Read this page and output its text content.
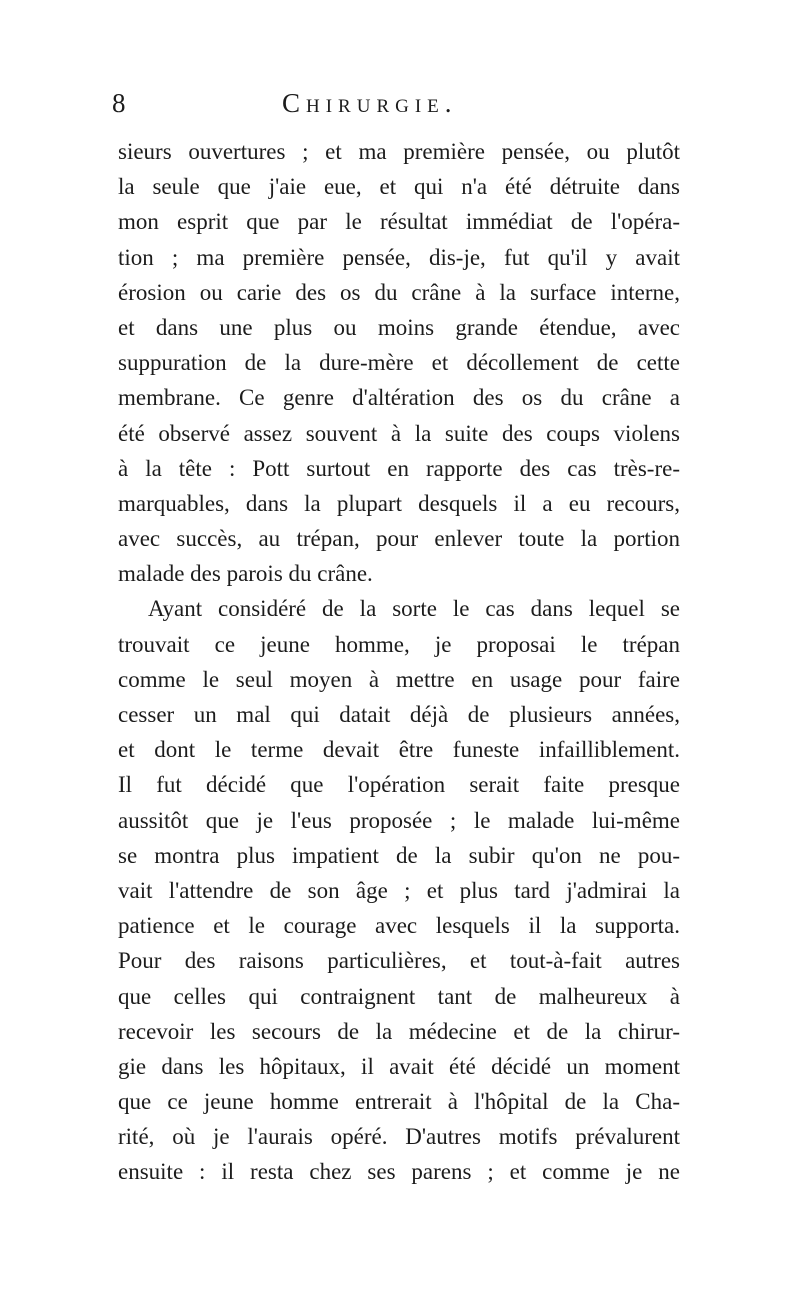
8	Chirurgie.
sieurs ouvertures ; et ma première pensée, ou plutôt
la seule que j'aie eue, et qui n'a été détruite dans
mon esprit que par le résultat immédiat de l'opéra-
tion ; ma première pensée, dis-je, fut qu'il y avait
érosion ou carie des os du crâne à la surface interne,
et dans une plus ou moins grande étendue, avec
suppuration de la dure-mère et décollement de cette
membrane. Ce genre d'altération des os du crâne a
été observé assez souvent à la suite des coups violens
à la tête : Pott surtout en rapporte des cas très-re-
marquables, dans la plupart desquels il a eu recours,
avec succès, au trépan, pour enlever toute la portion
malade des parois du crâne.
Ayant considéré de la sorte le cas dans lequel se
trouvait ce jeune homme, je proposai le trépan
comme le seul moyen à mettre en usage pour faire
cesser un mal qui datait déjà de plusieurs années,
et dont le terme devait être funeste infailliblement.
Il fut décidé que l'opération serait faite presque
aussitôt que je l'eus proposée ; le malade lui-même
se montra plus impatient de la subir qu'on ne pou-
vait l'attendre de son âge ; et plus tard j'admirai la
patience et le courage avec lesquels il la supporta.
Pour des raisons particulières, et tout-à-fait autres
que celles qui contraignent tant de malheureux à
recevoir les secours de la médecine et de la chirur-
gie dans les hôpitaux, il avait été décidé un moment
que ce jeune homme entrerait à l'hôpital de la Cha-
rité, où je l'aurais opéré. D'autres motifs prévalurent
ensuite : il resta chez ses parens ; et comme je ne
